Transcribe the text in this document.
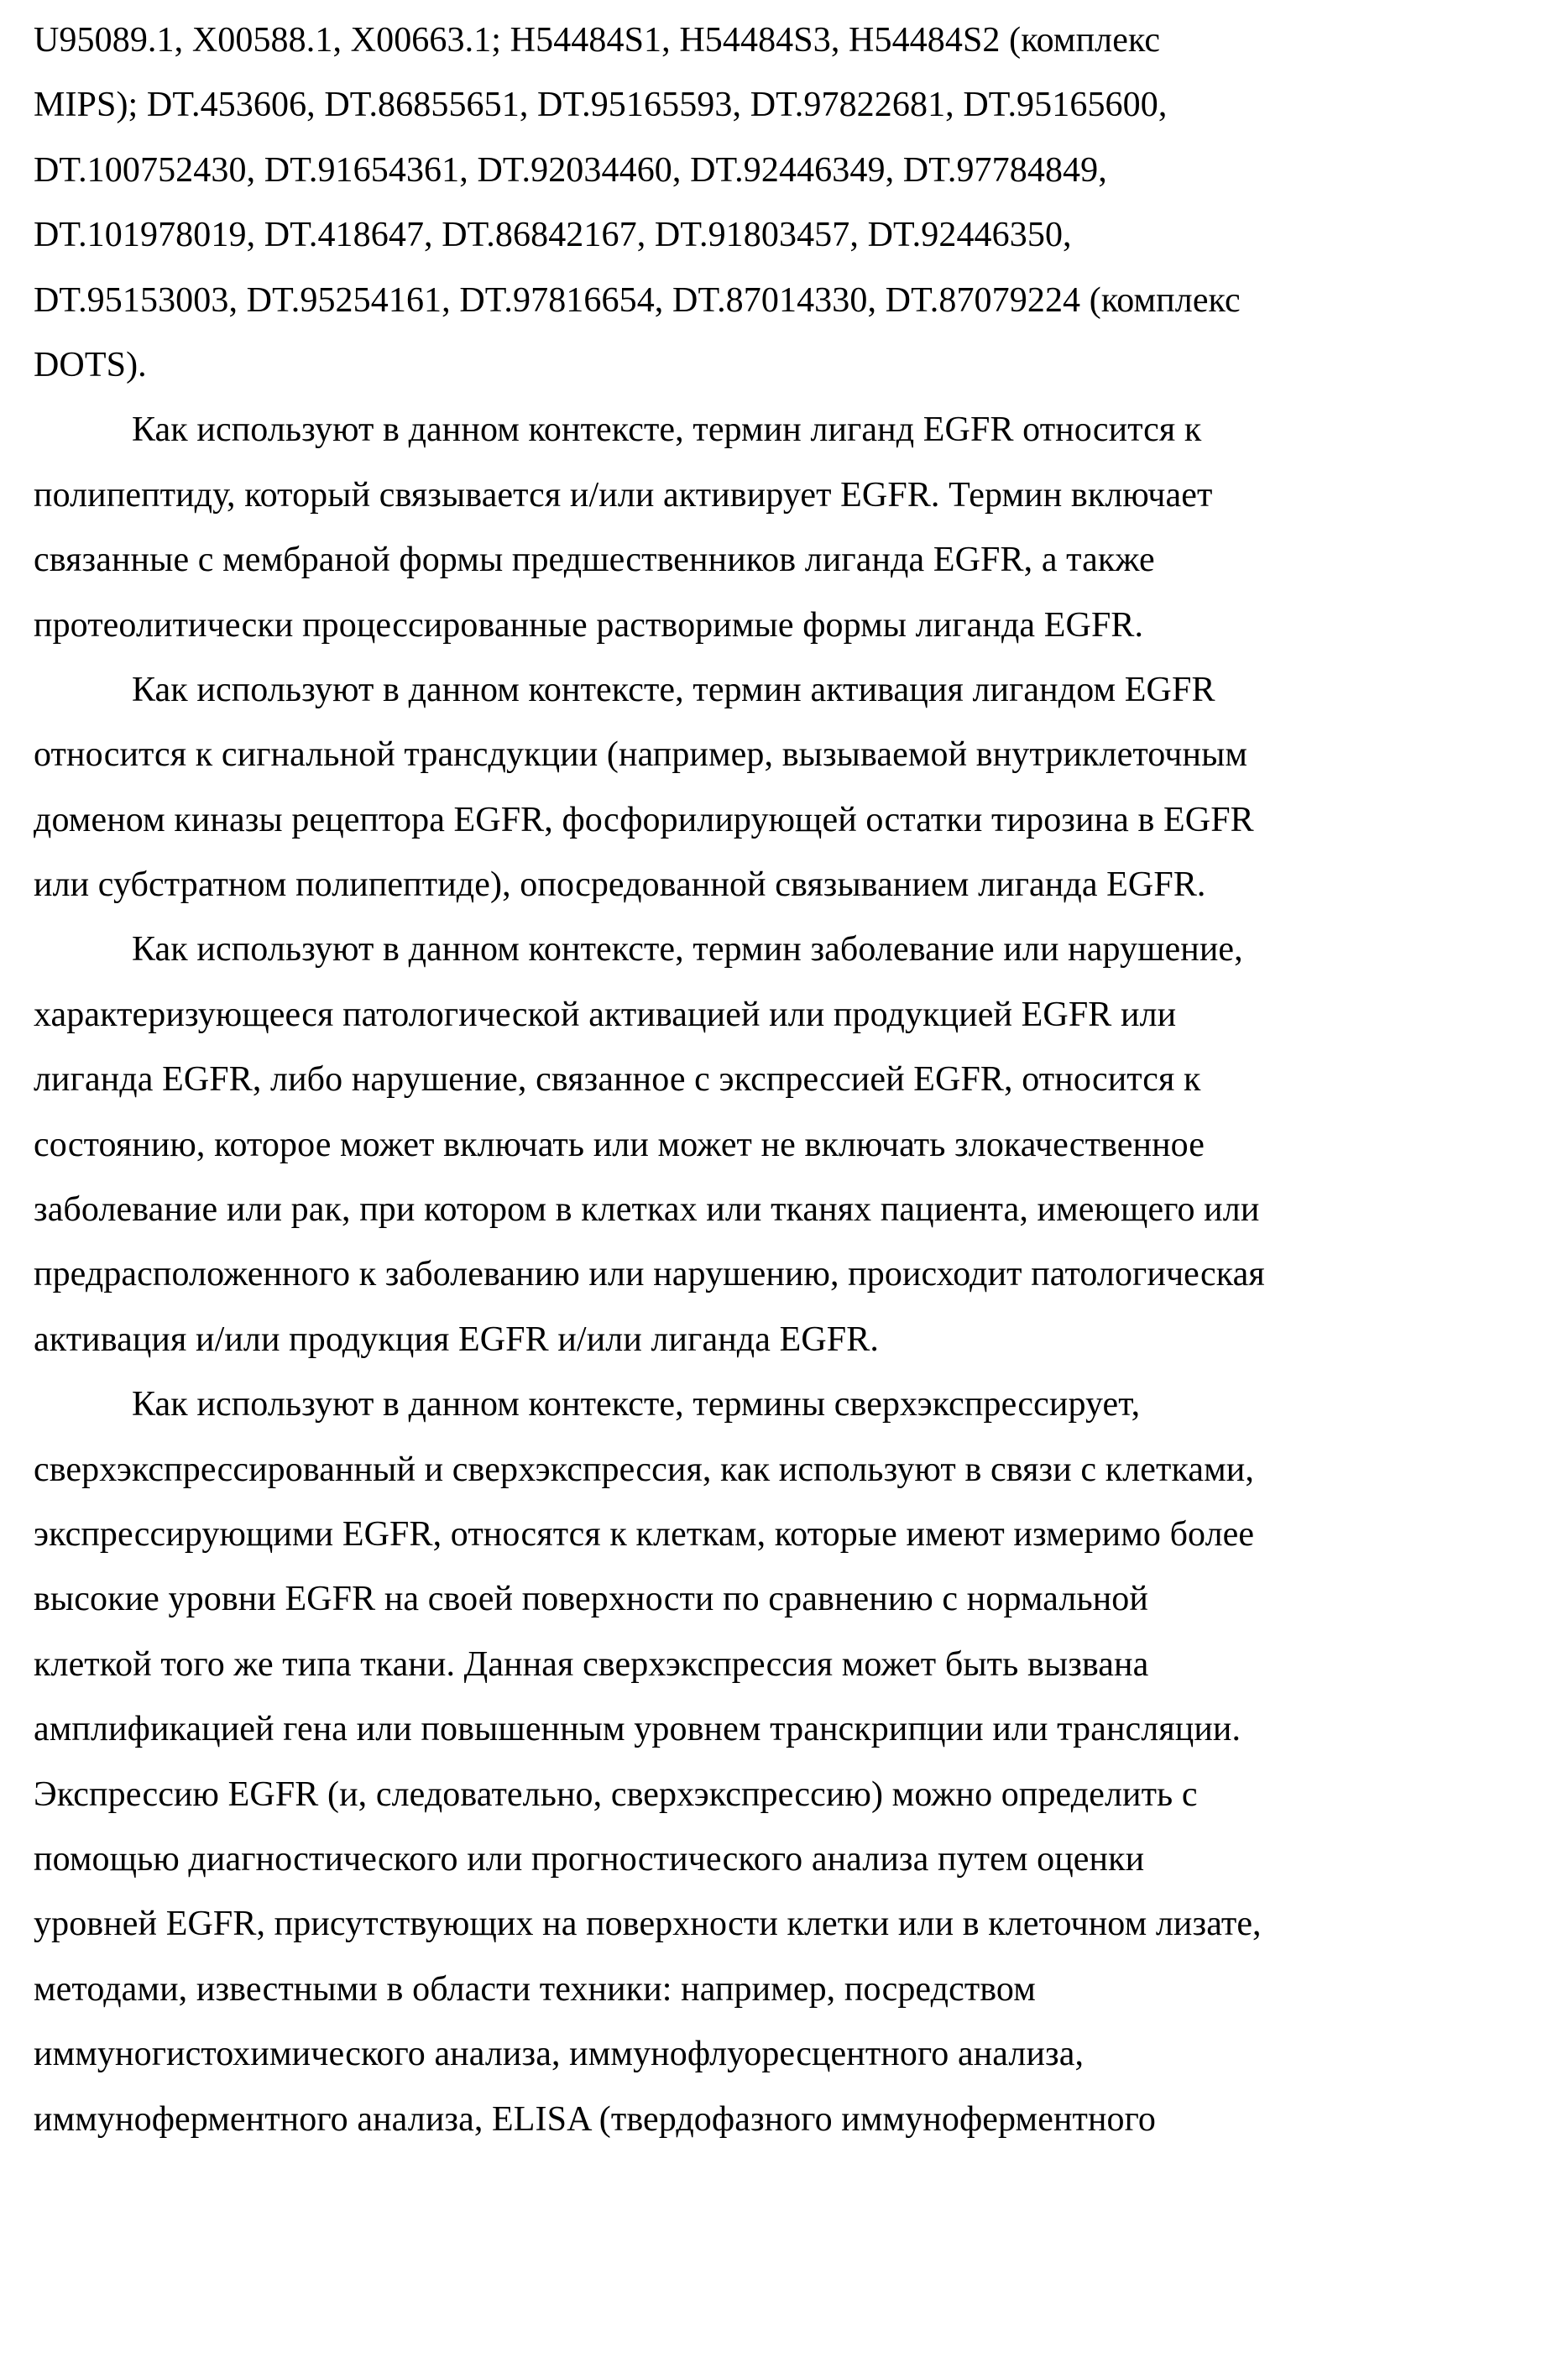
U95089.1, X00588.1, X00663.1; H54484S1, H54484S3, H54484S2 (комплекс
MIPS); DT.453606, DT.86855651, DT.95165593, DT.97822681, DT.95165600,
DT.100752430, DT.91654361, DT.92034460, DT.92446349, DT.97784849,
DT.101978019, DT.418647, DT.86842167, DT.91803457, DT.92446350,
DT.95153003, DT.95254161, DT.97816654, DT.87014330, DT.87079224 (комплекс
DOTS).
Как используют в данном контексте, термин лиганд EGFR относится к
полипептиду, который связывается и/или активирует EGFR. Термин включает
связанные с мембраной формы предшественников лиганда EGFR, а также
протеолитически процессированные растворимые формы лиганда EGFR.
Как используют в данном контексте, термин активация лигандом EGFR
относится к сигнальной трансдукции (например, вызываемой внутриклеточным
доменом киназы рецептора EGFR, фосфорилирующей остатки тирозина в EGFR
или субстратном полипептиде), опосредованной связыванием лиганда EGFR.
Как используют в данном контексте, термин заболевание или нарушение,
характеризующееся патологической активацией или продукцией EGFR или
лиганда EGFR, либо нарушение, связанное с экспрессией EGFR, относится к
состоянию, которое может включать или может не включать злокачественное
заболевание или рак, при котором в клетках или тканях пациента, имеющего или
предрасположенного к заболеванию или нарушению, происходит патологическая
активация и/или продукция EGFR и/или лиганда EGFR.
Как используют в данном контексте, термины сверхэкспрессирует,
сверхэкспрессированный и сверхэкспрессия, как используют в связи с клетками,
экспрессирующими EGFR, относятся к клеткам, которые имеют измеримо более
высокие уровни EGFR на своей поверхности по сравнению с нормальной
клеткой того же типа ткани. Данная сверхэкспрессия может быть вызвана
амплификацией гена или повышенным уровнем транскрипции или трансляции.
Экспрессию EGFR (и, следовательно, сверхэкспрессию) можно определить с
помощью диагностического или прогностического анализа путем оценки
уровней EGFR, присутствующих на поверхности клетки или в клеточном лизате,
методами, известными в области техники: например, посредством
иммуногистохимического анализа, иммунофлуоресцентного анализа,
иммуноферментного анализа, ELISA (твердофазного иммуноферментного
